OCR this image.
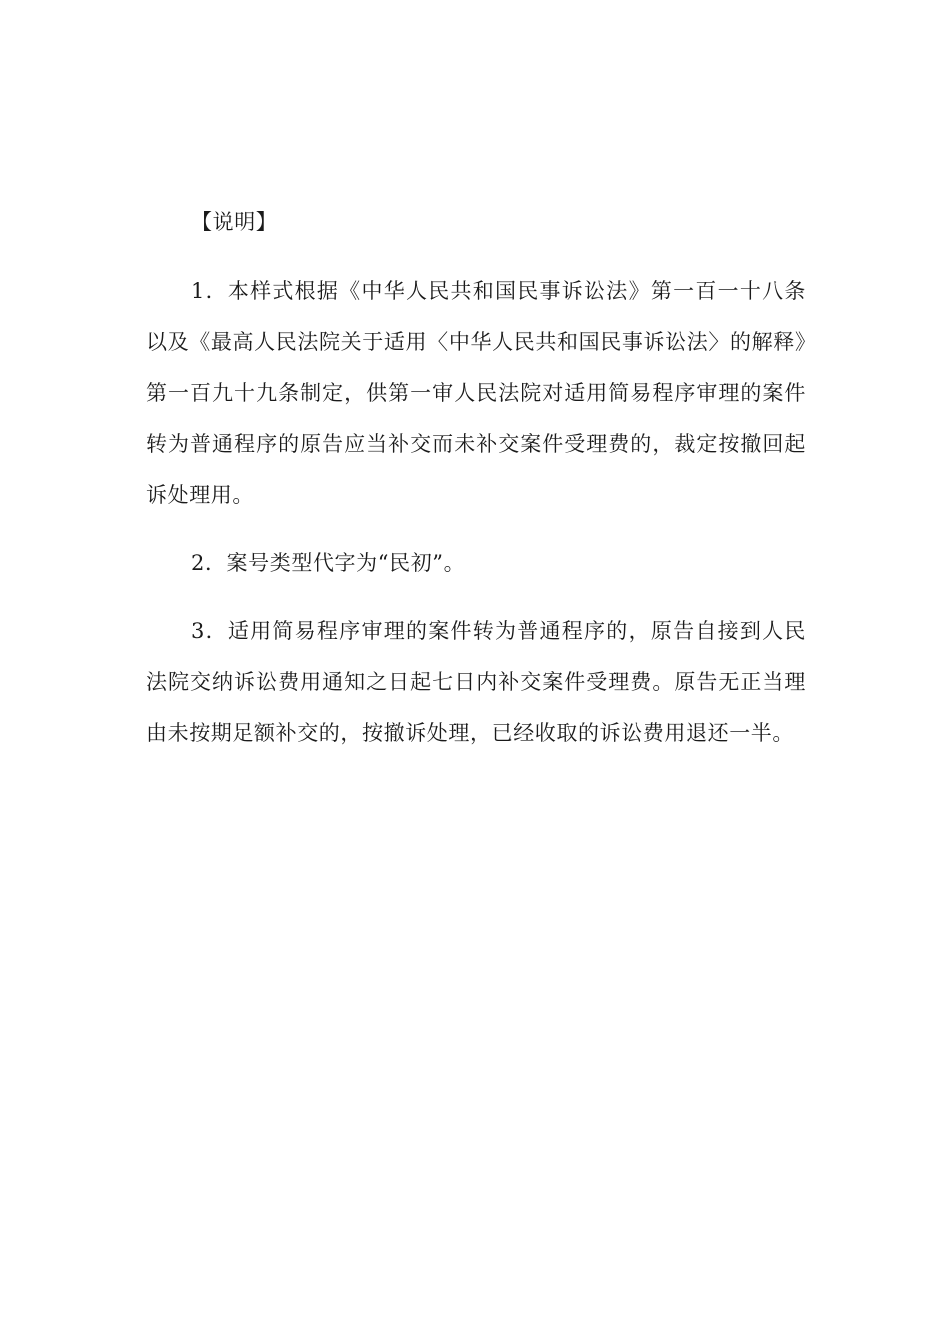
【说明】

1．本样式根据《中华人民共和国民事诉讼法》第一百一十八条以及《最高人民法院关于适用〈中华人民共和国民事诉讼法〉的解释》第一百九十九条制定，供第一审人民法院对适用简易程序审理的案件转为普通程序的原告应当补交而未补交案件受理费的，裁定按撤回起诉处理用。

2．案号类型代字为“民初”。

3．适用简易程序审理的案件转为普通程序的，原告自接到人民法院交纳诉讼费用通知之日起七日内补交案件受理费。原告无正当理由未按期足额补交的，按撤诉处理，已经收取的诉讼费用退还一半。
